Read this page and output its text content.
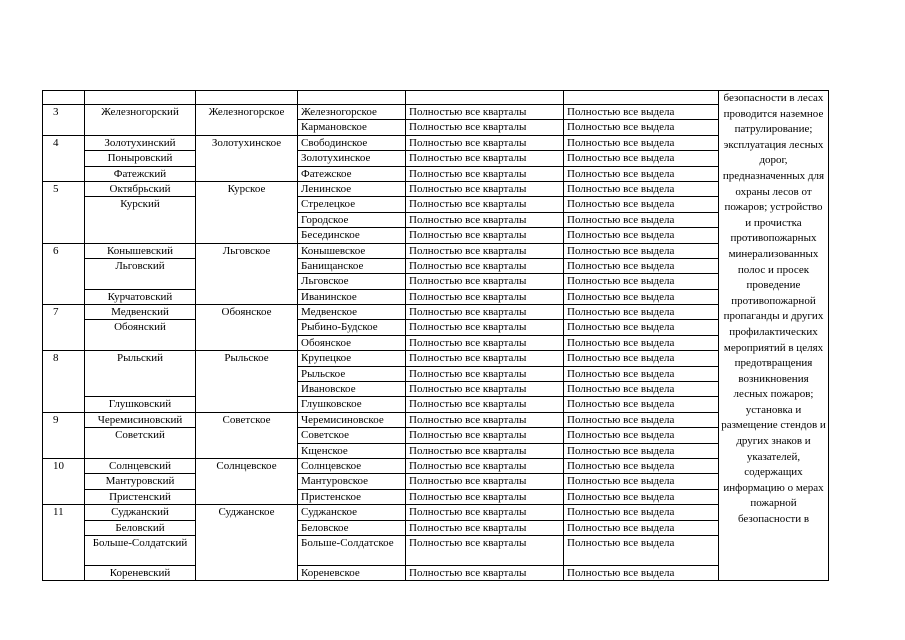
						безопасности в лесах проводится наземное патрулирование; эксплуатация лесных дорог, предназначенных для охраны лесов от пожаров; устройство и прочистка противопожарных минерализованных полос и просек проведение противопожарной пропаганды и других профилактических мероприятий в целях предотвращения возникновения лесных пожаров; установка и размещение стендов и других знаков и указателей, содержащих информацию о мерах пожарной безопасности в
3	Железногорский	Железногорское	Железногорское	Полностью все кварталы	Полностью все выдела	
			Кармановское	Полностью все кварталы	Полностью все выдела	
4	Золотухинский	Золотухинское	Свободинское	Полностью все кварталы	Полностью все выдела	
	Поныровский		Золотухинское	Полностью все кварталы	Полностью все выдела	
	Фатежский		Фатежское	Полностью все кварталы	Полностью все выдела	
5	Октябрьский	Курское	Ленинское	Полностью все кварталы	Полностью все выдела	
	Курский		Стрелецкое	Полностью все кварталы	Полностью все выдела	
			Городское	Полностью все кварталы	Полностью все выдела	
			Бесединское	Полностью все кварталы	Полностью все выдела	
6	Конышевский	Льговское	Конышевское	Полностью все кварталы	Полностью все выдела	
	Льговский		Банищанское	Полностью все кварталы	Полностью все выдела	
			Льговское	Полностью все кварталы	Полностью все выдела	
	Курчатовский		Иванинское	Полностью все кварталы	Полностью все выдела	
7	Медвенский	Обоянское	Медвенское	Полностью все кварталы	Полностью все выдела	
	Обоянский		Рыбино-Будское	Полностью все кварталы	Полностью все выдела	
			Обоянское	Полностью все кварталы	Полностью все выдела	
8	Рыльский	Рыльское	Крупецкое	Полностью все кварталы	Полностью все выдела	
			Рыльское	Полностью все кварталы	Полностью все выдела	
			Ивановское	Полностью все кварталы	Полностью все выдела	
	Глушковский		Глушковское	Полностью все кварталы	Полностью все выдела	
9	Черемисиновский	Советское	Черемисиновское	Полностью все кварталы	Полностью все выдела	
	Советский		Советское	Полностью все кварталы	Полностью все выдела	
			Кщенское	Полностью все кварталы	Полностью все выдела	
10	Солнцевский	Солнцевское	Солнцевское	Полностью все кварталы	Полностью все выдела	
	Мантуровский		Мантуровское	Полностью все кварталы	Полностью все выдела	
	Пристенский		Пристенское	Полностью все кварталы	Полностью все выдела	
11	Суджанский	Суджанское	Суджанское	Полностью все кварталы	Полностью все выдела	
	Беловский		Беловское	Полностью все кварталы	Полностью все выдела	
	Больше-Солдатский		Больше-Солдатское	Полностью все кварталы	Полностью все выдела	
	Кореневский		Кореневское	Полностью все кварталы	Полностью все выдела	
